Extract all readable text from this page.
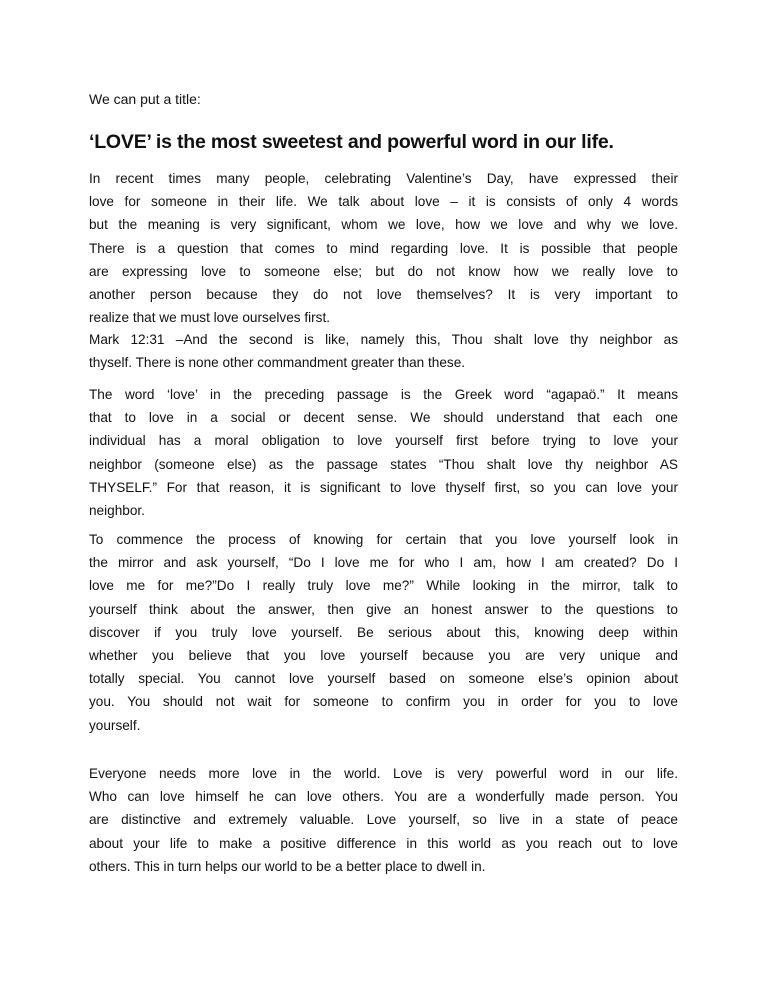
We can put a title:
‘LOVE’ is the most sweetest and powerful word in our life.
In recent times many people, celebrating Valentine’s Day, have expressed their
love for someone in their life. We talk about love – it is consists of only 4 words
but the meaning is very significant, whom we love, how we love and why we love.
There is a question that comes to mind regarding love. It is possible that people
are expressing love to someone else; but do not know how we really love to
another person because they do not love themselves? It is very important to
realize that we must love ourselves first.
Mark 12:31 –And the second is like, namely this, Thou shalt love thy neighbor as
thyself. There is none other commandment greater than these.
The word ‘love’ in the preceding passage is the Greek word “agapaö.” It means
that to love in a social or decent sense. We should understand that each one
individual has a moral obligation to love yourself first before trying to love your
neighbor (someone else) as the passage states “Thou shalt love thy neighbor AS
THYSELF.” For that reason, it is significant to love thyself first, so you can love your
neighbor.
To commence the process of knowing for certain that you love yourself look in
the mirror and ask yourself, “Do I love me for who I am, how I am created? Do I
love me for me?”Do I really truly love me?” While looking in the mirror, talk to
yourself think about the answer, then give an honest answer to the questions to
discover if you truly love yourself. Be serious about this, knowing deep within
whether you believe that you love yourself because you are very unique and
totally special. You cannot love yourself based on someone else’s opinion about
you. You should not wait for someone to confirm you in order for you to love
yourself.
Everyone needs more love in the world. Love is very powerful word in our life.
Who can love himself he can love others. You are a wonderfully made person. You
are distinctive and extremely valuable. Love yourself, so live in a state of peace
about your life to make a positive difference in this world as you reach out to love
others. This in turn helps our world to be a better place to dwell in.
